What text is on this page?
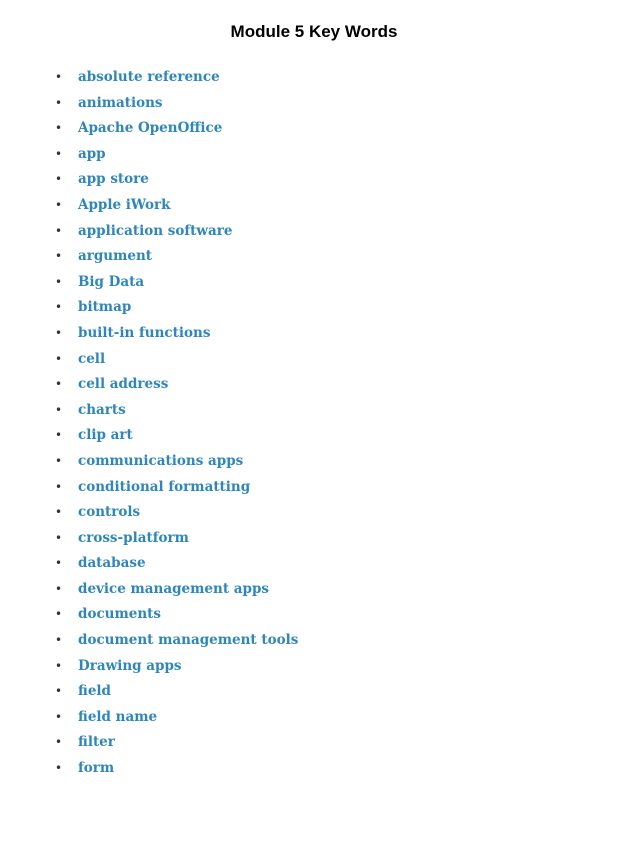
Module 5 Key Words
• absolute reference
• animations
• Apache OpenOffice
• app
• app store
• Apple iWork
• application software
• argument
• Big Data
• bitmap
• built-in functions
• cell
• cell address
• charts
• clip art
• communications apps
• conditional formatting
• controls
• cross-platform
• database
• device management apps
• documents
• document management tools
• Drawing apps
• field
• field name
• filter
• form
